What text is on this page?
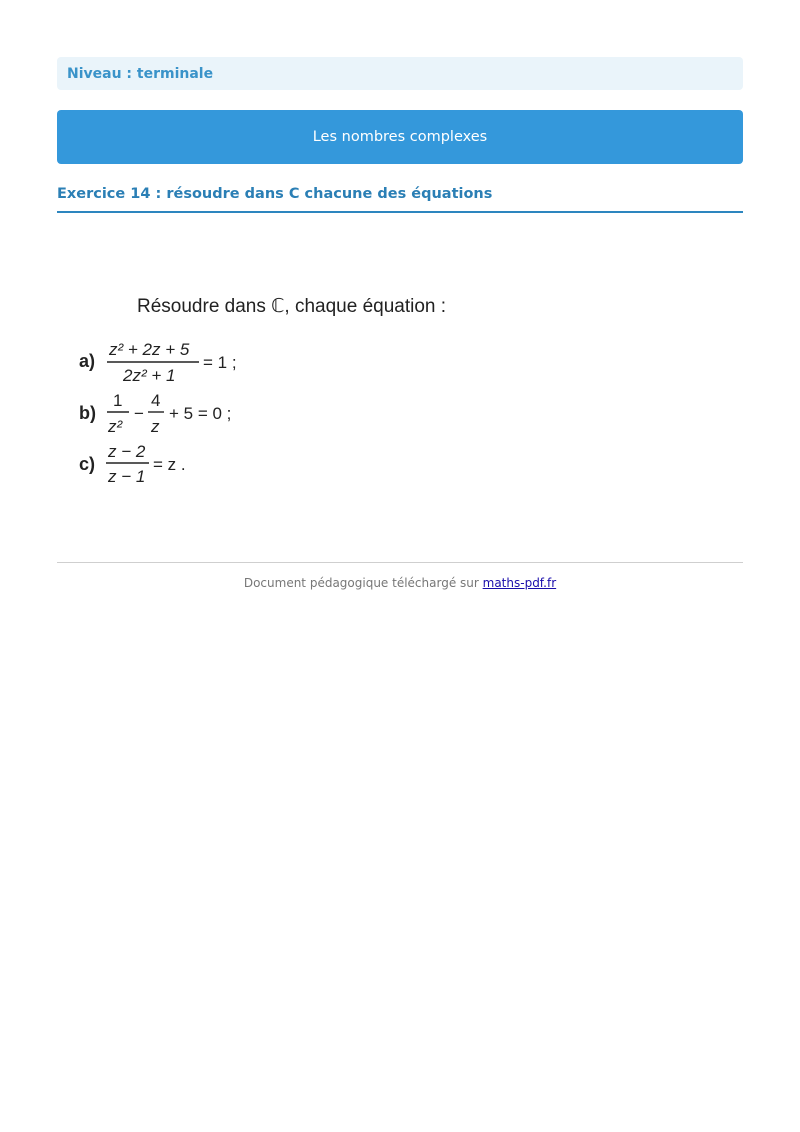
Niveau : terminale
Les nombres complexes
Exercice 14 : résoudre dans C chacune des équations
Résoudre dans ℂ, chaque équation :
a)
z² + 2z + 5
2z² + 1
= 1 ;
b)
1
z²
−
4
z
+ 5 = 0 ;
c)
z − 2
z − 1
= z .
Document pédagogique téléchargé sur maths-pdf.fr
